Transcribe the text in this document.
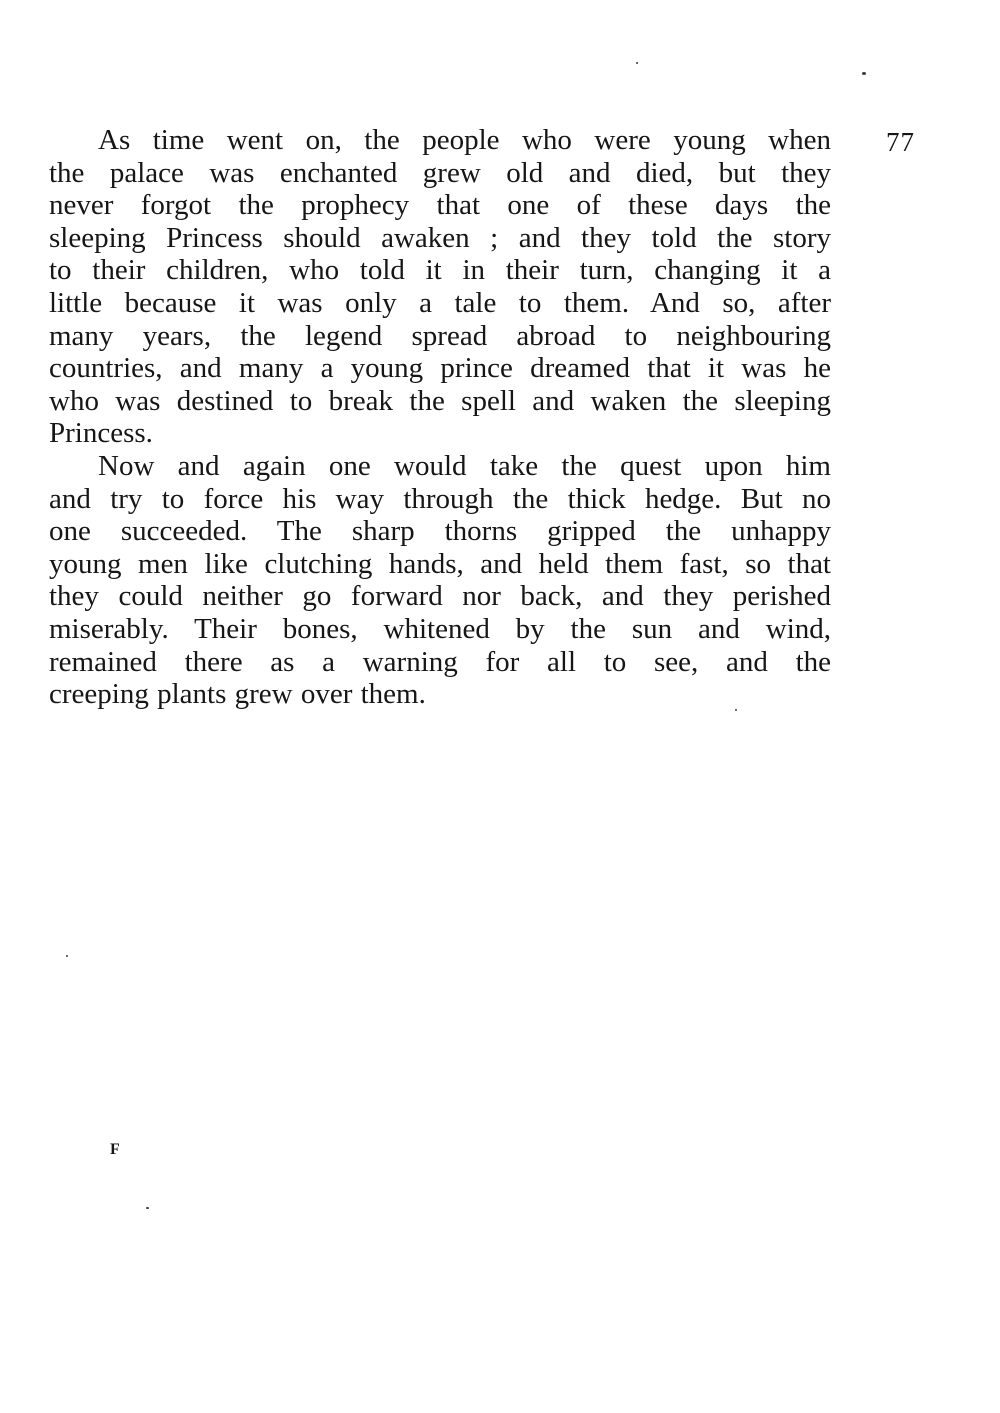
77

As time went on, the people who were young when
the palace was enchanted grew old and died, but they
never forgot the prophecy that one of these days the
sleeping Princess should awaken ; and they told the story
to their children, who told it in their turn, changing it a
little because it was only a tale to them. And so, after
many years, the legend spread abroad to neighbouring
countries, and many a young prince dreamed that it was he
who was destined to break the spell and waken the sleeping
Princess.

Now and again one would take the quest upon him
and try to force his way through the thick hedge. But no
one succeeded. The sharp thorns gripped the unhappy
young men like clutching hands, and held them fast, so that
they could neither go forward nor back, and they perished
miserably. Their bones, whitened by the sun and wind,
remained there as a warning for all to see, and the
creeping plants grew over them.

F
